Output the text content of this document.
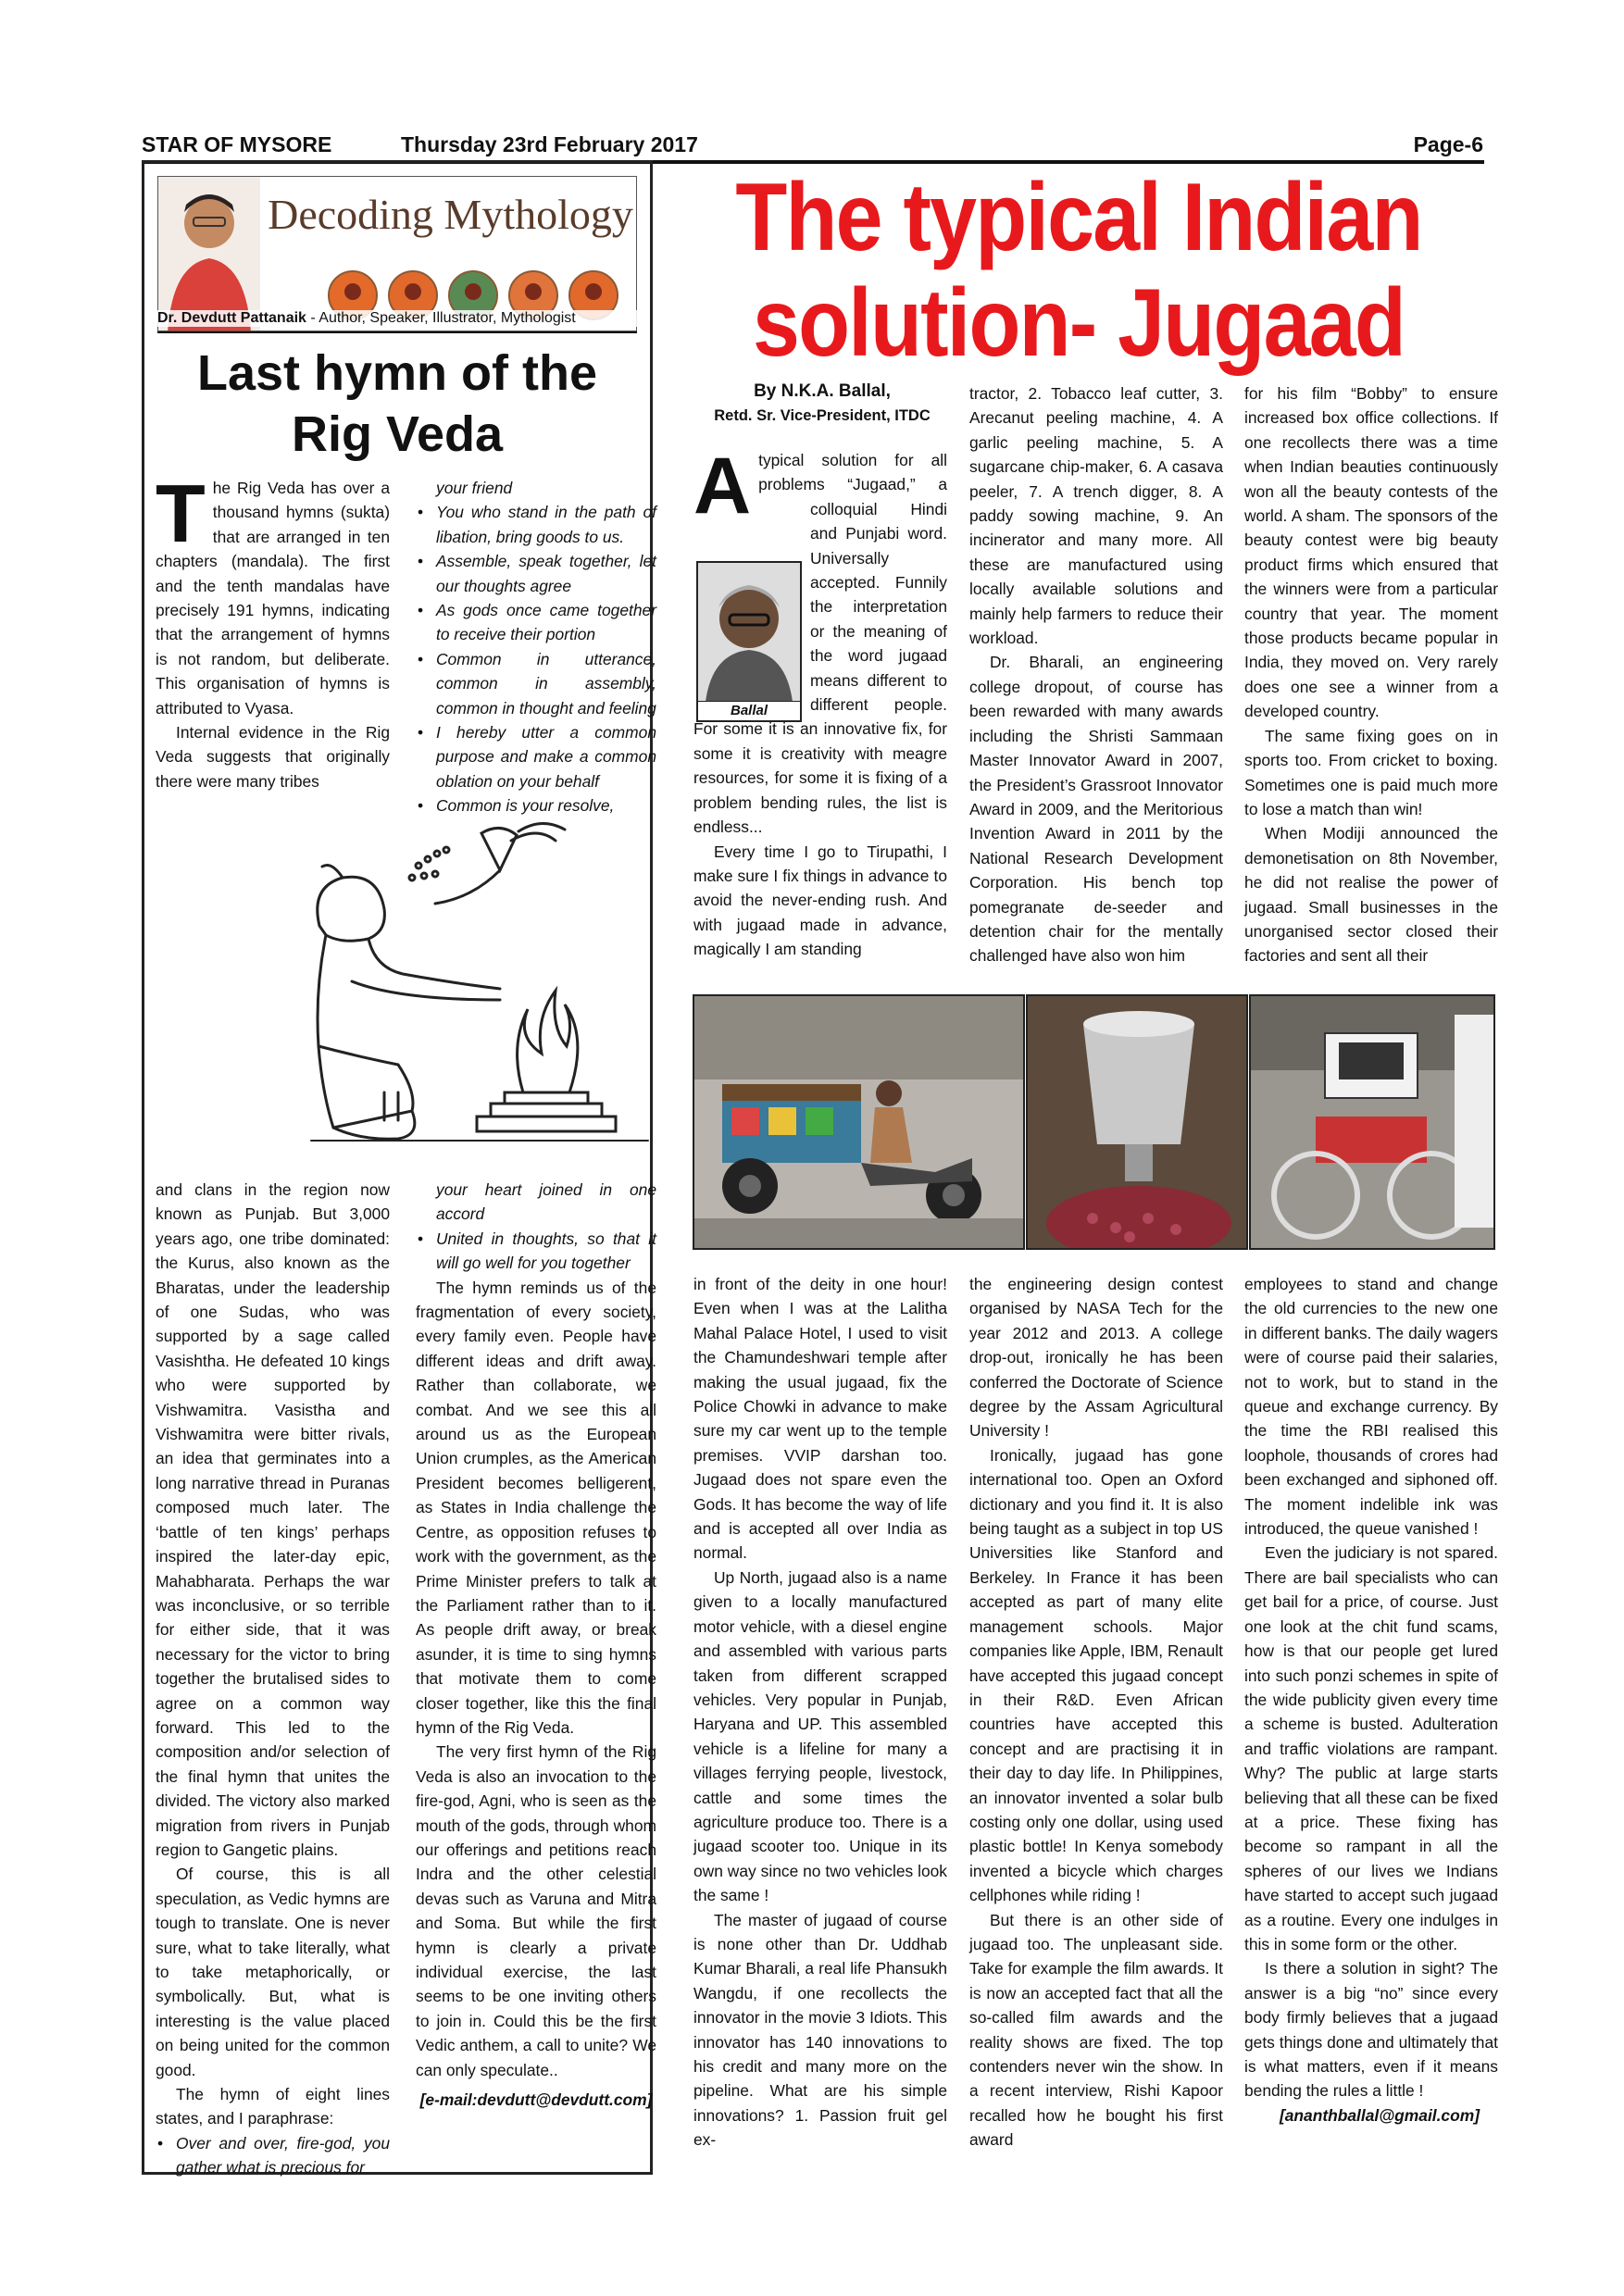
STAR OF MYSORE	Thursday 23rd February 2017	Page-6
Decoding Mythology
Dr. Devdutt Pattanaik - Author, Speaker, Illustrator, Mythologist
Last hymn of the
Rig Veda
T he Rig Veda has over a thousand hymns (sukta) that are arranged in ten chapters (mandala). The first and the tenth mandalas have precisely 191 hymns, indicating that the arrangement of hymns is not random, but deliberate. This organisation of hymns is attributed to Vyasa.

Internal evidence in the Rig Veda suggests that originally there were many tribes

your friend
• You who stand in the path of libation, bring goods to us.
• Assemble, speak together, let our thoughts agree
• As gods once came together to receive their portion
• Common in utterance, common in assembly, common in thought and feeling
• I hereby utter a common purpose and make a common oblation on your behalf
• Common is your resolve,

and clans in the region now known as Punjab. But 3,000 years ago, one tribe dominated: the Kurus, also known as the Bharatas, under the leadership of one Sudas, who was supported by a sage called Vasishtha. He defeated 10 kings who were supported by Vishwamitra. Vasistha and Vishwamitra were bitter rivals, an idea that germinates into a long narrative thread in Puranas composed much later. The ‘battle of ten kings’ perhaps inspired the later-day epic, Mahabharata. Perhaps the war was inconclusive, or so terrible for either side, that it was necessary for the victor to bring together the brutalised sides to agree on a common way forward. This led to the composition and/or selection of the final hymn that unites the divided. The victory also marked migration from rivers in Punjab region to Gangetic plains.

Of course, this is all speculation, as Vedic hymns are tough to translate. One is never sure, what to take literally, what to take metaphorically, or symbolically. But, what is interesting is the value placed on being united for the common good.

The hymn of eight lines states, and I paraphrase:

• Over and over, fire-god, you gather what is precious for
your heart joined in one accord
• United in thoughts, so that it will go well for you together

The hymn reminds us of the fragmentation of every society, every family even. People have different ideas and drift away. Rather than collaborate, we combat. And we see this all around us as the European Union crumples, as the American President becomes belligerent, as States in India challenge the Centre, as opposition refuses to work with the government, as the Prime Minister prefers to talk at the Parliament rather than to it. As people drift away, or break asunder, it is time to sing hymns that motivate them to come closer together, like this the final hymn of the Rig Veda.

The very first hymn of the Rig Veda is also an invocation to the fire-god, Agni, who is seen as the mouth of the gods, through whom our offerings and petitions reach Indra and the other celestial devas such as Varuna and Mitra and Soma. But while the first hymn is clearly a private individual exercise, the last seems to be one inviting others to join in. Could this be the first Vedic anthem, a call to unite? We can only speculate..

[e-mail:devdutt@devdutt.com]
The typical Indian
solution- Jugaad
By N.K.A. Ballal,
Retd. Sr. Vice-President, ITDC
Ballal
A typical solution for all problems “Jugaad,” a colloquial Hindi and Punjabi word. Universally accepted. Funnily the interpretation or the meaning of the word jugaad means different to different people. For some it is an innovative fix, for some it is creativity with meagre resources, for some it is fixing of a problem bending rules, the list is endless...

Every time I go to Tirupathi, I make sure I fix things in advance to avoid the never-ending rush. And with jugaad made in advance, magically I am standing

tractor, 2. Tobacco leaf cutter, 3. Arecanut peeling machine, 4. A garlic peeling machine, 5. A sugarcane chip-maker, 6. A casava peeler, 7. A trench digger, 8. A paddy sowing machine, 9. An incinerator and many more. All these are manufactured using locally available solutions and mainly help farmers to reduce their workload.

Dr. Bharali, an engineering college dropout, of course has been rewarded with many awards including the Shristi Sammaan Master Innovator Award in 2007, the President’s Grassroot Innovator Award in 2009, and the Meritorious Invention Award in 2011 by the National Research Development Corporation. His bench top pomegranate de-seeder and detention chair for the mentally challenged have also won him

for his film “Bobby” to ensure increased box office collections. If one recollects there was a time when Indian beauties continuously won all the beauty contests of the world. A sham. The sponsors of the beauty contest were big beauty product firms which ensured that the winners were from a particular country that year. The moment those products became popular in India, they moved on. Very rarely does one see a winner from a developed country.

The same fixing goes on in sports too. From cricket to boxing. Sometimes one is paid much more to lose a match than win!

When Modiji announced the demonetisation on 8th November, he did not realise the power of jugaad. Small businesses in the unorganised sector closed their factories and sent all their

in front of the deity in one hour! Even when I was at the Lalitha Mahal Palace Hotel, I used to visit the Chamundeshwari temple after making the usual jugaad, fix the Police Chowki in advance to make sure my car went up to the temple premises. VVIP darshan too. Jugaad does not spare even the Gods. It has become the way of life and is accepted all over India as normal.

Up North, jugaad also is a name given to a locally manufactured motor vehicle, with a diesel engine and assembled with various parts taken from different scrapped vehicles. Very popular in Punjab, Haryana and UP. This assembled vehicle is a lifeline for many a villages ferrying people, livestock, cattle and some times the agriculture produce too. There is a jugaad scooter too. Unique in its own way since no two vehicles look the same !

The master of jugaad of course is none other than Dr. Uddhab Kumar Bharali, a real life Phansukh Wangdu, if one recollects the innovator in the movie 3 Idiots. This innovator has 140 innovations to his credit and many more on the pipeline. What are his simple innovations? 1. Passion fruit gel ex-

the engineering design contest organised by NASA Tech for the year 2012 and 2013. A college drop-out, ironically he has been conferred the Doctorate of Science degree by the Assam Agricultural University !

Ironically, jugaad has gone international too. Open an Oxford dictionary and you find it. It is also being taught as a subject in top US Universities like Stanford and Berkeley. In France it has been accepted as part of many elite management schools. Major companies like Apple, IBM, Renault have accepted this jugaad concept in their R&D. Even African countries have accepted this concept and are practising it in their day to day life. In Philippines, an innovator invented a solar bulb costing only one dollar, using used plastic bottle! In Kenya somebody invented a bicycle which charges cellphones while riding !

But there is an other side of jugaad too. The unpleasant side. Take for example the film awards. It is now an accepted fact that all the so-called film awards and the reality shows are fixed. The top contenders never win the show. In a recent interview, Rishi Kapoor recalled how he bought his first award

employees to stand and change the old currencies to the new one in different banks. The daily wagers were of course paid their salaries, not to work, but to stand in the queue and exchange currency. By the time the RBI realised this loophole, thousands of crores had been exchanged and siphoned off. The moment indelible ink was introduced, the queue vanished !

Even the judiciary is not spared. There are bail specialists who can get bail for a price, of course. Just one look at the chit fund scams, how is that our people get lured into such ponzi schemes in spite of the wide publicity given every time a scheme is busted. Adulteration and traffic violations are rampant. Why? The public at large starts believing that all these can be fixed at a price. These fixing has become so rampant in all the spheres of our lives we Indians have started to accept such jugaad as a routine. Every one indulges in this in some form or the other.

Is there a solution in sight? The answer is a big “no” since every body firmly believes that a jugaad gets things done and ultimately that is what matters, even if it means bending the rules a little !

[ananthballal@gmail.com]
